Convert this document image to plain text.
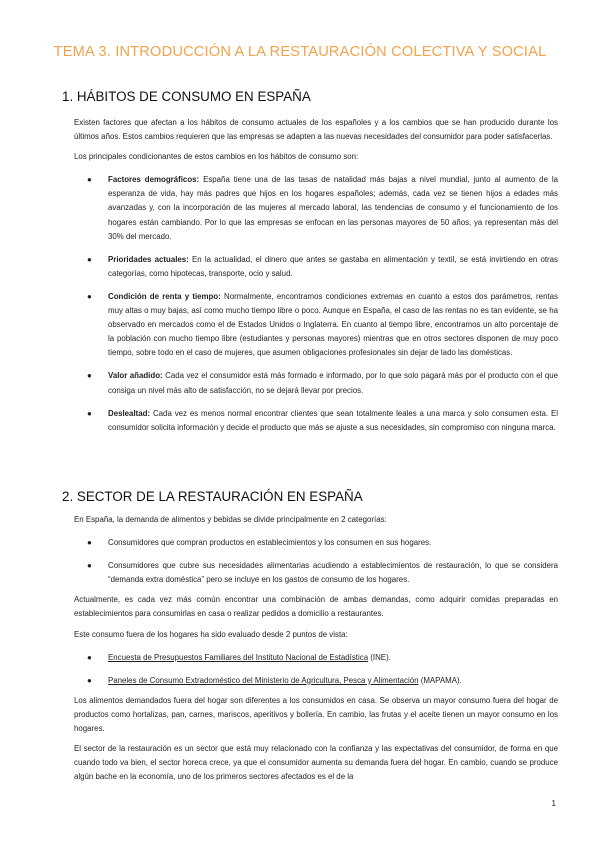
TEMA 3. INTRODUCCIÓN A LA RESTAURACIÓN COLECTIVA Y SOCIAL
1. HÁBITOS DE CONSUMO EN ESPAÑA

Existen factores que afectan a los hábitos de consumo actuales de los españoles y a los cambios que se han producido durante los últimos años. Estos cambios requieren que las empresas se adapten a las nuevas necesidades del consumidor para poder satisfacerlas.

Los principales condicionantes de estos cambios en los hábitos de consumo son:

● Factores demográficos: España tiene una de las tasas de natalidad más bajas a nivel mundial, junto al aumento de la esperanza de vida, hay más padres que hijos en los hogares españoles; además, cada vez se tienen hijos a edades más avanzadas y, con la incorporación de las mujeres al mercado laboral, las tendencias de consumo y el funcionamiento de los hogares están cambiando. Por lo que las empresas se enfocan en las personas mayores de 50 años, ya representan más del 30% del mercado.
● Prioridades actuales: En la actualidad, el dinero que antes se gastaba en alimentación y textil, se está invirtiendo en otras categorías, como hipotecas, transporte, ocio y salud.
● Condición de renta y tiempo: Normalmente, encontramos condiciones extremas en cuanto a estos dos parámetros, rentas muy altas o muy bajas, así como mucho tiempo libre o poco. Aunque en España, el caso de las rentas no es tan evidente, se ha observado en mercados como el de Estados Unidos o Inglaterra. En cuanto al tiempo libre, encontramos un alto porcentaje de la población con mucho tiempo libre (estudiantes y personas mayores) mientras que en otros sectores disponen de muy poco tiempo, sobre todo en el caso de mujeres, que asumen obligaciones profesionales sin dejar de lado las domésticas.
● Valor añadido: Cada vez el consumidor está más formado e informado, por lo que solo pagará más por el producto con el que consiga un nivel más alto de satisfacción, no se dejará llevar por precios.
● Deslealtad: Cada vez es menos normal encontrar clientes que sean totalmente leales a una marca y solo consumen esta. El consumidor solicita información y decide el producto que más se ajuste a sus necesidades, sin compromiso con ninguna marca.
2. SECTOR DE LA RESTAURACIÓN EN ESPAÑA

En España, la demanda de alimentos y bebidas se divide principalmente en 2 categorías:

● Consumidores que compran productos en establecimientos y los consumen en sus hogares.
● Consumidores que cubre sus necesidades alimentarias acudiendo a establecimientos de restauración, lo que se considera “demanda extra doméstica” pero se incluye en los gastos de consumo de los hogares.

Actualmente, es cada vez más común encontrar una combinación de ambas demandas, como adquirir comidas preparadas en establecimientos para consumirlas en casa o realizar pedidos a domicilio a restaurantes.

Este consumo fuera de los hogares ha sido evaluado desde 2 puntos de vista:

● Encuesta de Presupuestos Familiares del Instituto Nacional de Estadística (INE).
● Paneles de Consumo Extradoméstico del Ministerio de Agricultura, Pesca y Alimentación (MAPAMA).

Los alimentos demandados fuera del hogar son diferentes a los consumidos en casa. Se observa un mayor consumo fuera del hogar de productos como hortalizas, pan, carnes, mariscos, aperitivos y bollería. En cambio, las frutas y el aceite tienen un mayor consumo en los hogares.

El sector de la restauración es un sector que está muy relacionado con la confianza y las expectativas del consumidor, de forma en que cuando todo va bien, el sector horeca crece, ya que el consumidor aumenta su demanda fuera del hogar. En cambio, cuando se produce algún bache en la economía, uno de los primeros sectores afectados es el de la

1
